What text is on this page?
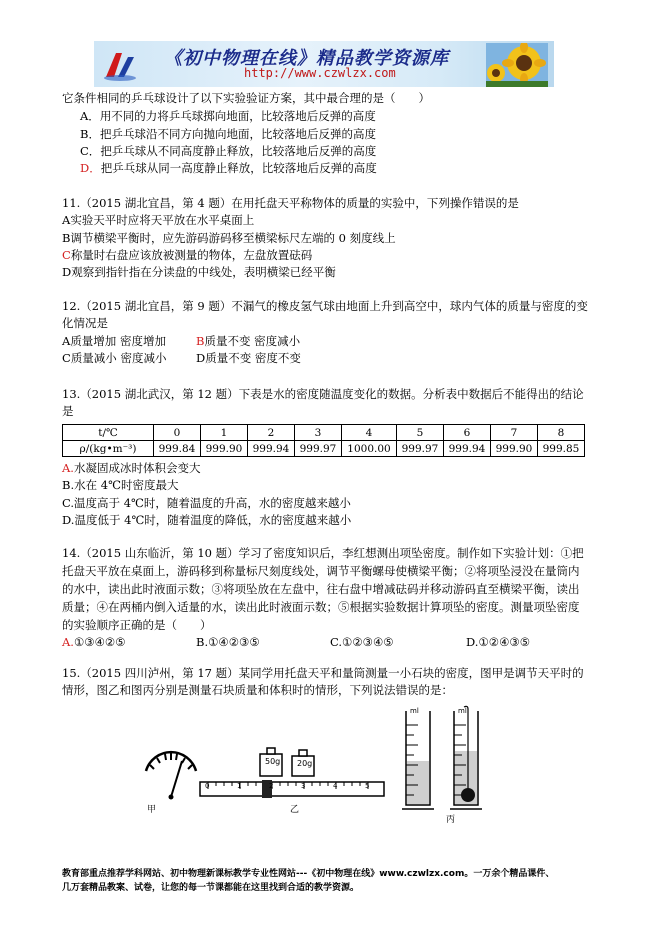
《初中物理在线》精品教学资源库
http://www.czwlzx.com
它条件相同的乒乓球设计了以下实验验证方案，其中最合理的是（　　）
A．用不同的力将乒乓球掷向地面，比较落地后反弹的高度
B．把乒乓球沿不同方向抛向地面，比较落地后反弹的高度
C．把乒乓球从不同高度静止释放，比较落地后反弹的高度
D．把乒乓球从同一高度静止释放，比较落地后反弹的高度
11.（2015 湖北宜昌，第 4 题）在用托盘天平称物体的质量的实验中，下列操作错误的是
A实验天平时应将天平放在水平桌面上
B调节横梁平衡时，应先游码游码移至横梁标尺左端的 0 刻度线上
C称量时右盘应该放被测量的物体，左盘放置砝码
D观察到指针指在分读盘的中线处，表明横梁已经平衡
12.（2015 湖北宜昌，第 9 题）不漏气的橡皮氢气球由地面上升到高空中，球内气体的质量与密度的变
化情况是
A质量增加 密度增加	B质量不变 密度减小
C质量减小 密度减小	D质量不变 密度不变
13.（2015 湖北武汉，第 12 题）下表是水的密度随温度变化的数据。分析表中数据后不能得出的结论
是
t/℃	0	1	2	3	4	5	6	7	8
ρ/(kg•m⁻³)	999.84	999.90	999.94	999.97	1000.00	999.97	999.94	999.90	999.85
A.水凝固成冰时体积会变大
B.水在 4℃时密度最大
C.温度高于 4℃时，随着温度的升高，水的密度越来越小
D.温度低于 4℃时，随着温度的降低，水的密度越来越小
14.（2015 山东临沂，第 10 题）学习了密度知识后，李红想测出项坠密度。制作如下实验计划：①把
托盘天平放在桌面上，游码移到称量标尺刻度线处，调节平衡螺母使横梁平衡；②将项坠浸没在量筒内
的水中，读出此时液面示数；③将项坠放在左盘中，往右盘中增减砝码并移动游码直至横梁平衡，读出
质量；④在两桶内倒入适量的水，读出此时液面示数；⑤根据实验数据计算项坠的密度。测量项坠密度
的实验顺序正确的是（　　）
A.①③④②⑤	B.①④②③⑤	C.①②③④⑤	D.①②④③⑤
15.（2015 四川泸州，第 17 题）某同学用托盘天平和量筒测量一小石块的密度，图甲是调节天平时的
情形，图乙和图丙分别是测量石块质量和体积时的情形，下列说法错误的是：
甲
50g 20g
0	1	2	3	4	5
乙
ml	ml
丙
教育部重点推荐学科网站、初中物理新课标教学专业性网站---《初中物理在线》www.czwlzx.com。一万余个精品课件、
几万套精品教案、试卷，让您的每一节课都能在这里找到合适的教学资源。
